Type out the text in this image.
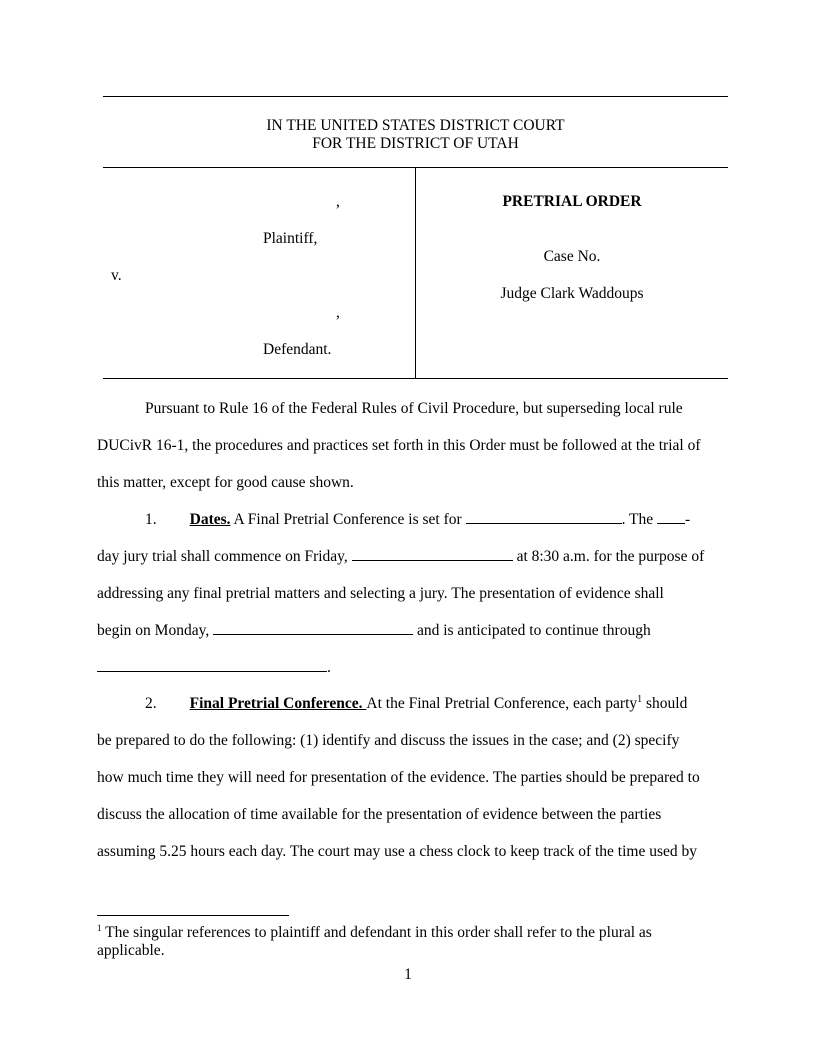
IN THE UNITED STATES DISTRICT COURT
FOR THE DISTRICT OF UTAH
,
Plaintiff,
v.
,
Defendant.
PRETRIAL ORDER
Case No.
Judge Clark Waddoups
Pursuant to Rule 16 of the Federal Rules of Civil Procedure, but superseding local rule
DUCivR 16-1, the procedures and practices set forth in this Order must be followed at the trial of
this matter, except for good cause shown.
1. Dates. A Final Pretrial Conference is set for	. The -
day jury trial shall commence on Friday,	at 8:30 a.m. for the purpose of
addressing any final pretrial matters and selecting a jury. The presentation of evidence shall
begin on Monday,	and is anticipated to continue through
.
2. Final Pretrial Conference. At the Final Pretrial Conference, each party$^1$ should
be prepared to do the following: (1) identify and discuss the issues in the case; and (2) specify
how much time they will need for presentation of the evidence. The parties should be prepared to
discuss the allocation of time available for the presentation of evidence between the parties
assuming 5.25 hours each day. The court may use a chess clock to keep track of the time used by
$^1$ The singular references to plaintiff and defendant in this order shall refer to the plural as applicable.
1
